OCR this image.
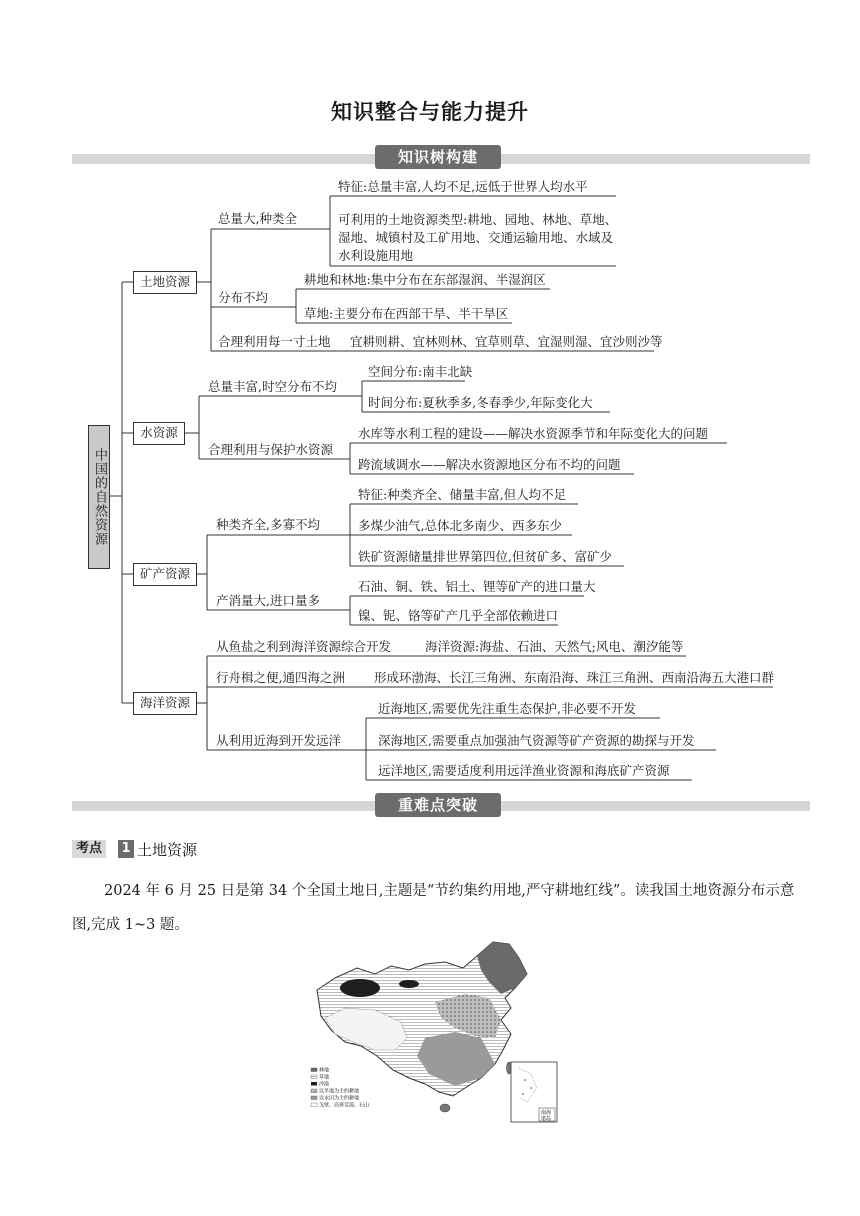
知识整合与能力提升
知识树构建
中国的自然资源
土地资源
水资源
矿产资源
海洋资源
总量大,种类全
特征:总量丰富,人均不足,远低于世界人均水平
可利用的土地资源类型:耕地、园地、林地、草地、
湿地、城镇村及工矿用地、交通运输用地、水域及
水利设施用地
分布不均
耕地和林地:集中分布在东部湿润、半湿润区
草地:主要分布在西部干旱、半干旱区
合理利用每一寸土地 宜耕则耕、宜林则林、宜草则草、宜湿则湿、宜沙则沙等
总量丰富,时空分布不均
空间分布:南丰北缺
时间分布:夏秋季多,冬春季少,年际变化大
合理利用与保护水资源
水库等水利工程的建设——解决水资源季节和年际变化大的问题
跨流域调水——解决水资源地区分布不均的问题
种类齐全,多寡不均
特征:种类齐全、储量丰富,但人均不足
多煤少油气,总体北多南少、西多东少
铁矿资源储量排世界第四位,但贫矿多、富矿少
产消量大,进口量多
石油、铜、铁、铝土、锂等矿产的进口量大
镍、铌、铬等矿产几乎全部依赖进口
从鱼盐之利到海洋资源综合开发	海洋资源:海盐、石油、天然气;风电、潮汐能等
行舟楫之便,通四海之洲 形成环渤海、长江三角洲、东南沿海、珠江三角洲、西南沿海五大港口群
从利用近海到开发远洋
近海地区,需要优先注重生态保护,非必要不开发
深海地区,需要重点加强油气资源等矿产资源的勘探与开发
远洋地区,需要适度利用远洋渔业资源和海底矿产资源
重难点突破
考点	1 土地资源
2024 年 6 月 25 日是第 34 个全国土地日,主题是“节约集约用地,严守耕地红线”。读我国土地资源分布示意图,完成 1~3 题。
林地
草地
沙漠
以旱地为主的耕地
以水田为主的耕地
戈壁、高寒荒漠、石山
南海
诸岛
